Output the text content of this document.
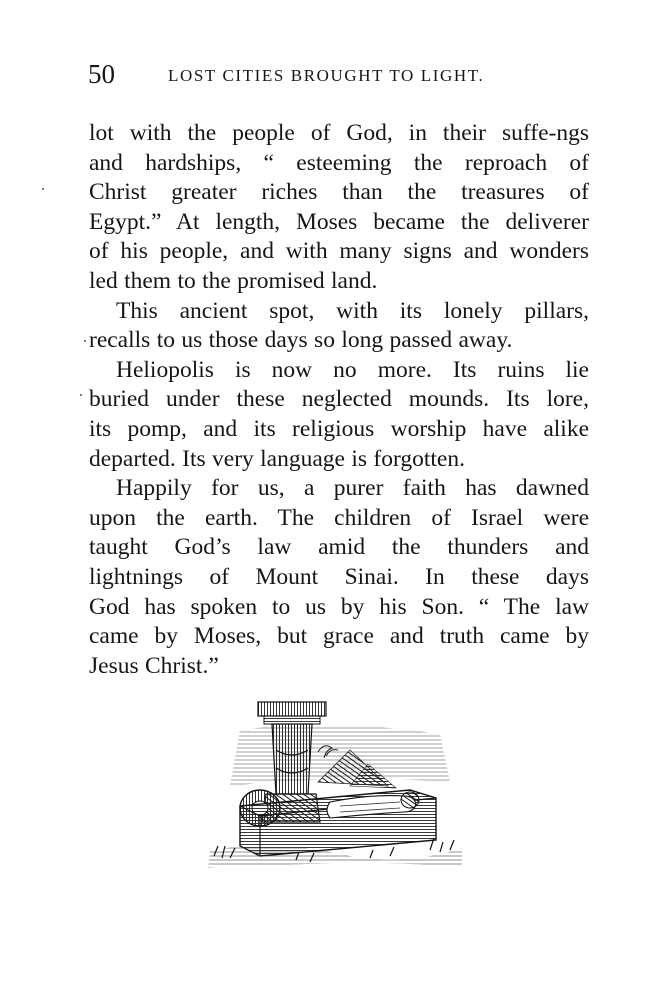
50	LOST CITIES BROUGHT TO LIGHT.

lot with the people of God, in their suffe-ngs
and hardships, “ esteeming the reproach of
Christ greater riches than the treasures of
Egypt.” At length, Moses became the deliverer
of his people, and with many signs and wonders
led them to the promised land.

This ancient spot, with its lonely pillars,
recalls to us those days so long passed away.

Heliopolis is now no more. Its ruins lie
buried under these neglected mounds. Its lore,
its pomp, and its religious worship have alike
departed. Its very language is forgotten.

Happily for us, a purer faith has dawned
upon the earth. The children of Israel were
taught God’s law amid the thunders and
lightnings of Mount Sinai. In these days
God has spoken to us by his Son. “ The law
came by Moses, but grace and truth came by
Jesus Christ.”
